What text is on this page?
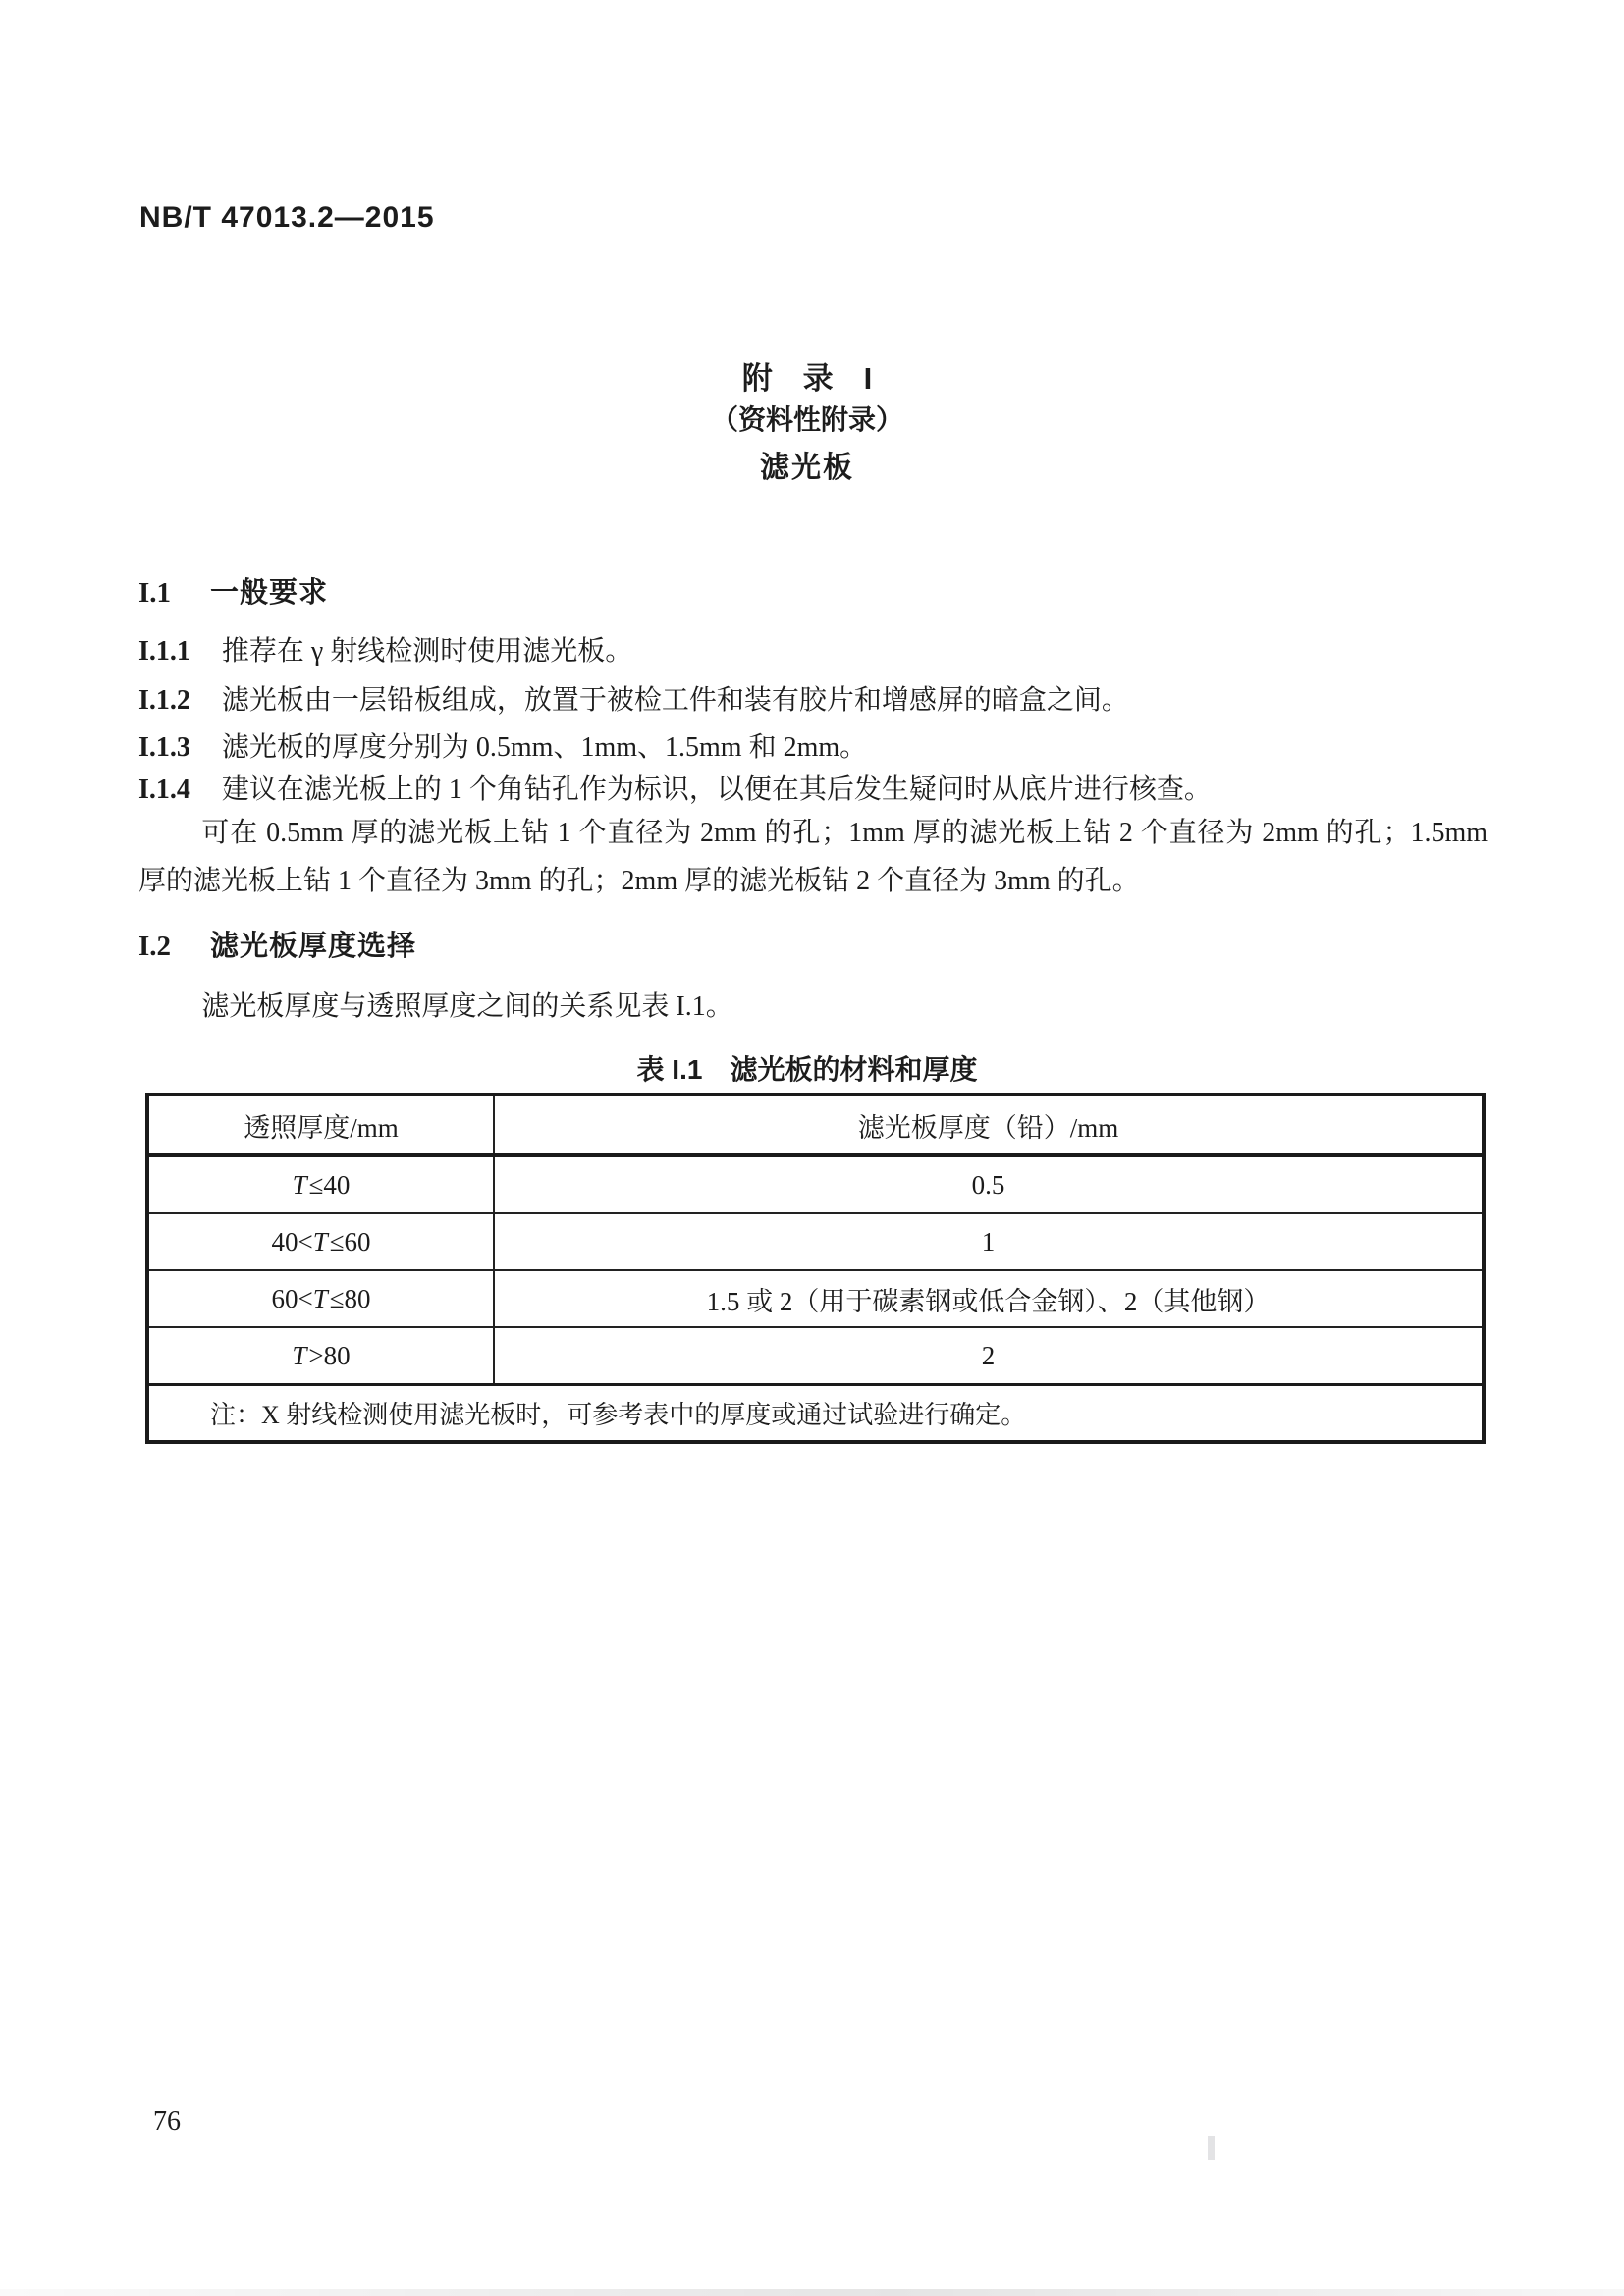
NB/T 47013.2—2015
附　录　I
（资料性附录）
滤光板
I.1 一般要求
I.1.1 推荐在 γ 射线检测时使用滤光板。
I.1.2 滤光板由一层铅板组成，放置于被检工件和装有胶片和增感屏的暗盒之间。
I.1.3 滤光板的厚度分别为 0.5mm、1mm、1.5mm 和 2mm。
I.1.4 建议在滤光板上的 1 个角钻孔作为标识，以便在其后发生疑问时从底片进行核查。

可在 0.5mm 厚的滤光板上钻 1 个直径为 2mm 的孔；1mm 厚的滤光板上钻 2 个直径为 2mm 的孔；1.5mm 厚的滤光板上钻 1 个直径为 3mm 的孔；2mm 厚的滤光板钻 2 个直径为 3mm 的孔。

I.2 滤光板厚度选择

滤光板厚度与透照厚度之间的关系见表 I.1。

表 I.1　滤光板的材料和厚度
透照厚度/mm	滤光板厚度（铅）/mm
T≤40	0.5
40<T≤60	1
60<T≤80	1.5 或 2（用于碳素钢或低合金钢）、2（其他钢）
T>80	2
注：X 射线检测使用滤光板时，可参考表中的厚度或通过试验进行确定。	
76
